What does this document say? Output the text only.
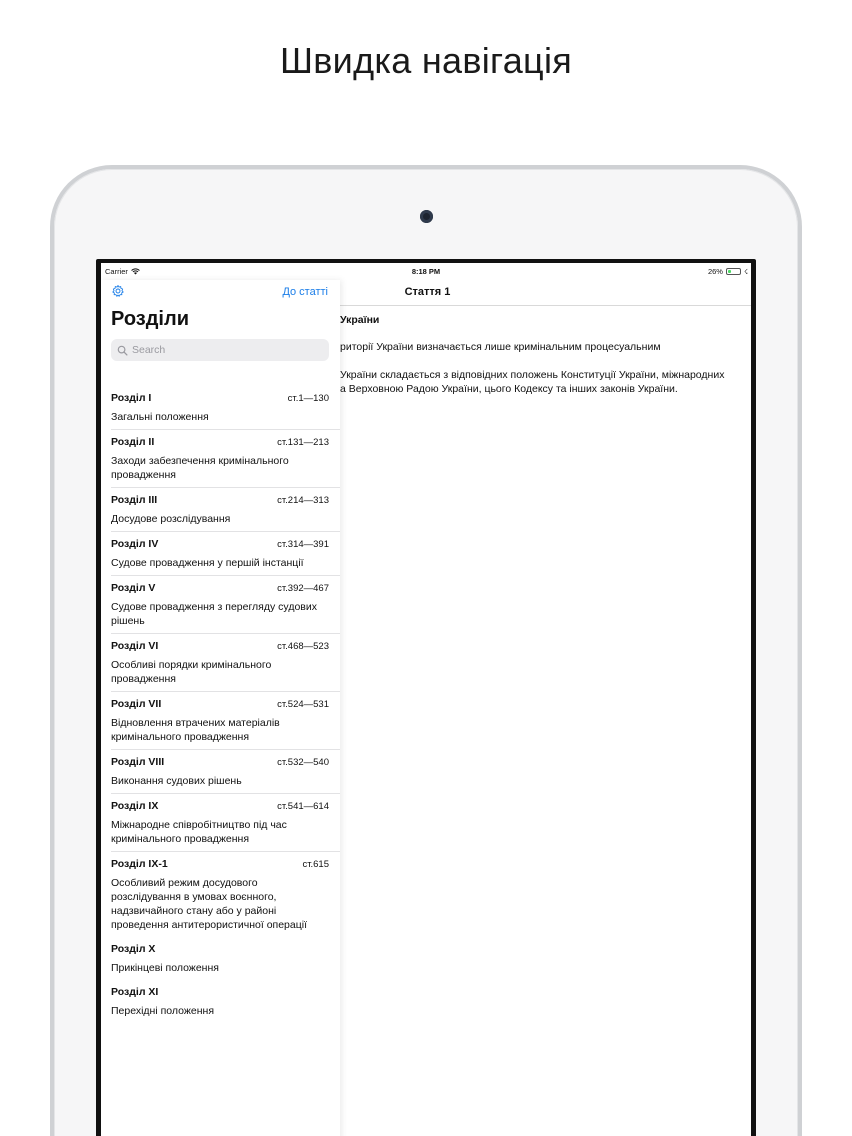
Швидка навігація
Carrier	8:18 PM	26%	☇
Стаття 1
України
риторії України визначається лише кримінальним процесуальним
України складається з відповідних положень Конституції України, міжнародних
а Верховною Радою України, цього Кодексу та інших законів України.
До статті
Розділи
Search
Розділ I	ст.1—130
Загальні положення
Розділ II	ст.131—213
Заходи забезпечення кримінального провадження
Розділ III	ст.214—313
Досудове розслідування
Розділ IV	ст.314—391
Судове провадження у першій інстанції
Розділ V	ст.392—467
Судове провадження з перегляду судових рішень
Розділ VI	ст.468—523
Особливі порядки кримінального провадження
Розділ VII	ст.524—531
Відновлення втрачених матеріалів кримінального провадження
Розділ VIII	ст.532—540
Виконання судових рішень
Розділ IX	ст.541—614
Міжнародне співробітництво під час кримінального провадження
Розділ IX-1	ст.615
Особливий режим досудового розслідування в умовах воєнного, надзвичайного стану або у районі проведення антитерористичної операції
Розділ X
Прикінцеві положення
Розділ XI
Перехідні положення
